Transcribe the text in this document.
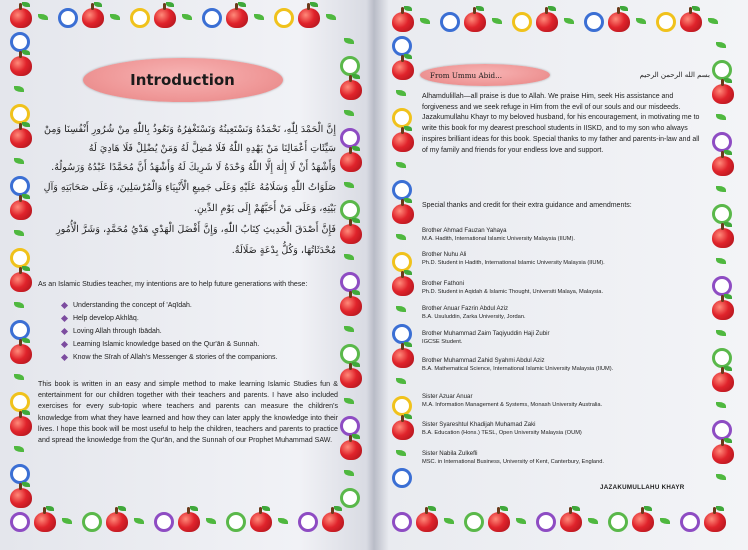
Introduction
إِنَّ الْحَمْدَ لِلّٰهِ، نَحْمَدُهُ وَنَسْتَعِينُهُ وَنَسْتَغْفِرُهُ وَنَعُوذُ بِاللّٰهِ مِنْ شُرُورِ أَنْفُسِنَا وَمِنْ
سَيِّئَاتِ أَعْمَالِنَا مَنْ يَهْدِهِ اللّٰهُ فَلَا مُضِلَّ لَهُ وَمَنْ يُضْلِلْ فَلَا هَادِيَ لَهُ
وَأَشْهَدُ أَنْ لَا إِلٰهَ إِلَّا اللّٰهُ وَحْدَهُ لَا شَرِيكَ لَهُ وَأَشْهَدُ أَنَّ مُحَمَّدًا عَبْدُهُ وَرَسُولُهُ.
صَلَوَاتُ اللّٰهِ وَسَلَامُهُ عَلَيْهِ وَعَلَى جَمِيعِ الْأَنْبِيَاءِ وَالْمُرْسَلِينَ، وَعَلَى صَحَابَتِهِ وَآلِ
بَيْتِهِ، وَعَلَى مَنْ أَحَبَّهُمْ إِلَى يَوْمِ الدِّينِ.
فَإِنَّ أَصْدَقَ الْحَدِيثِ كِتَابُ اللّٰهِ، وَإِنَّ أَفْضَلَ الْهَدْيِ هَدْيُ مُحَمَّدٍ، وَشَرَّ الْأُمُورِ
مُحْدَثَاتُهَا، وَكُلُّ بِدْعَةٍ ضَلَالَةٌ.
As an Islamic Studies teacher, my intentions are to help future generations with these:
Understanding the concept of 'Aqīdah.
Help develop Akhlāq.
Loving Allah through Ibādah.
Learning Islamic knowledge based on the Qur'ān & Sunnah.
Know the Sīrah of Allah's Messenger & stories of the companions.
This book is written in an easy and simple method to make learning Islamic Studies fun & entertainment for our children together with their teachers and parents. I have also included exercises for every sub-topic where teachers and parents can measure the children's knowledge from what they have learned and how they can later apply the knowledge into their lives. I hope this book will be most useful to help the children, teachers and parents to practice and spread the knowledge from the Qur'ān, and the Sunnah of our Prophet Muhammad SAW.
From Ummu Abid...	بسم الله الرحمن الرحيم
Alhamdulillah—all praise is due to Allah. We praise Him, seek His assistance and forgiveness and we seek refuge in Him from the evil of our souls and our misdeeds. Jazakumullahu Khayr to my beloved husband, for his encouragement, in motivating me to write this book for my dearest preschool students in IISKD, and to my son who always inspires brilliant ideas for this book. Special thanks to my father and parents-in-law and all of my family and friends for your endless love and support.
Special thanks and credit for their extra guidance and amendments:
Brother Ahmad Fauzan Yahaya
M.A. Hadith, International Islamic University Malaysia (IIUM).
Brother Nuhu Ali
Ph.D. Student in Hadith, International Islamic University Malaysia (IIUM).
Brother Fathoni
Ph.D. Student in Aqidah & Islamic Thought, Universiti Malaya, Malaysia.
Brother Anuar Fazrin Abdul Aziz
B.A. Usuluddin, Zarka University, Jordan.
Brother Muhammad Zaim Taqiyuddin Haji Zubir
IGCSE Student.
Brother Muhammad Zahid Syahmi Abdul Aziz
B.A. Mathematical Science, International Islamic University Malaysia (IIUM).
Sister Azuar Anuar
M.A. Information Management & Systems, Monash University Australia.
Sister Syareshtul Khadijah Muhamad Zaki
B.A. Education (Hons.) TESL, Open University Malaysia (OUM)
Sister Nabila Zulkefli
MSC. in International Business, University of Kent, Canterbury, England.
JAZAKUMULLAHU KHAYR
